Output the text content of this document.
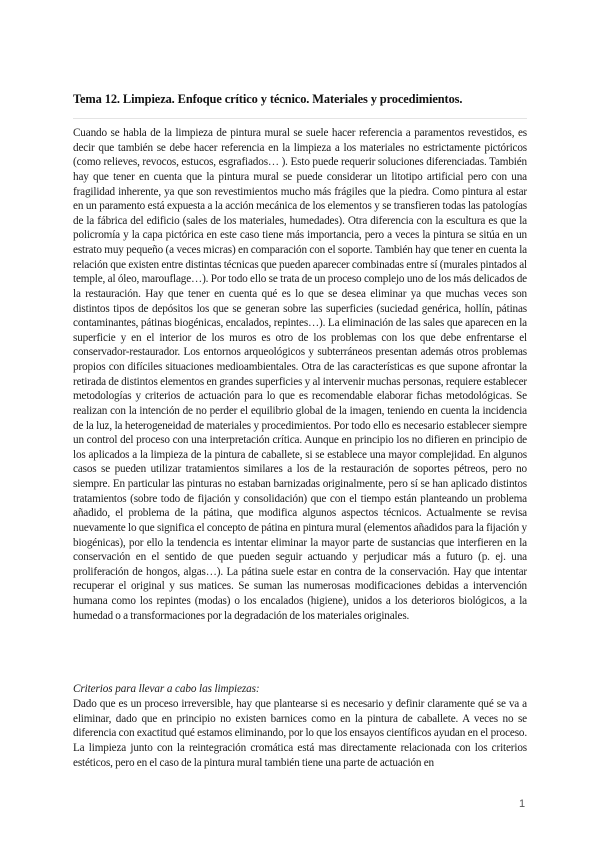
Tema 12. Limpieza. Enfoque crítico y técnico. Materiales y procedimientos.

Cuando se habla de la limpieza de pintura mural se suele hacer referencia a paramentos revestidos, es decir que también se debe hacer referencia en la limpieza a los materiales no estrictamente pictóricos (como relieves, revocos, estucos, esgrafiados… ). Esto puede requerir soluciones diferenciadas. También hay que tener en cuenta que la pintura mural se puede considerar un litotipo artificial pero con una fragilidad inherente, ya que son revestimientos mucho más frágiles que la piedra. Como pintura al estar en un paramento está expuesta a la acción mecánica de los elementos y se transfieren todas las patologías de la fábrica del edificio (sales de los materiales, humedades). Otra diferencia con la escultura es que la policromía y la capa pictórica en este caso tiene más importancia, pero a veces la pintura se sitúa en un estrato muy pequeño (a veces micras) en comparación con el soporte. También hay que tener en cuenta la relación que existen entre distintas técnicas que pueden aparecer combinadas entre sí (murales pintados al temple, al óleo, marouflage…). Por todo ello se trata de un proceso complejo uno de los más delicados de la restauración. Hay que tener en cuenta qué es lo que se desea eliminar ya que muchas veces son distintos tipos de depósitos los que se generan sobre las superficies (suciedad genérica, hollín, pátinas contaminantes, pátinas biogénicas, encalados, repintes…). La eliminación de las sales que aparecen en la superficie y en el interior de los muros es otro de los problemas con los que debe enfrentarse el conservador-restaurador. Los entornos arqueológicos y subterráneos presentan además otros problemas propios con difíciles situaciones medioambientales. Otra de las características es que supone afrontar la retirada de distintos elementos en grandes superficies y al intervenir muchas personas, requiere establecer metodologías y criterios de actuación para lo que es recomendable elaborar fichas metodológicas. Se realizan con la intención de no perder el equilibrio global de la imagen, teniendo en cuenta la incidencia de la luz, la heterogeneidad de materiales y procedimientos. Por todo ello es necesario establecer siempre un control del proceso con una interpretación crítica. Aunque en principio los no difieren en principio de los aplicados a la limpieza de la pintura de caballete, si se establece una mayor complejidad. En algunos casos se pueden utilizar tratamientos similares a los de la restauración de soportes pétreos, pero no siempre. En particular las pinturas no estaban barnizadas originalmente, pero sí se han aplicado distintos tratamientos (sobre todo de fijación y consolidación) que con el tiempo están planteando un problema añadido, el problema de la pátina, que modifica algunos aspectos técnicos. Actualmente se revisa nuevamente lo que significa el concepto de pátina en pintura mural (elementos añadidos para la fijación y biogénicas), por ello la tendencia es intentar eliminar la mayor parte de sustancias que interfieren en la conservación en el sentido de que pueden seguir actuando y perjudicar más a futuro (p. ej. una proliferación de hongos, algas…). La pátina suele estar en contra de la conservación. Hay que intentar recuperar el original y sus matices. Se suman las numerosas modificaciones debidas a intervención humana como los repintes (modas) o los encalados (higiene), unidos a los deterioros biológicos, a la humedad o a transformaciones por la degradación de los materiales originales.

Criterios para llevar a cabo las limpiezas:

Dado que es un proceso irreversible, hay que plantearse si es necesario y definir claramente qué se va a eliminar, dado que en principio no existen barnices como en la pintura de caballete. A veces no se diferencia con exactitud qué estamos eliminando, por lo que los ensayos científicos ayudan en el proceso. La limpieza junto con la reintegración cromática está mas directamente relacionada con los criterios estéticos, pero en el caso de la pintura mural también tiene una parte de actuación en

1
